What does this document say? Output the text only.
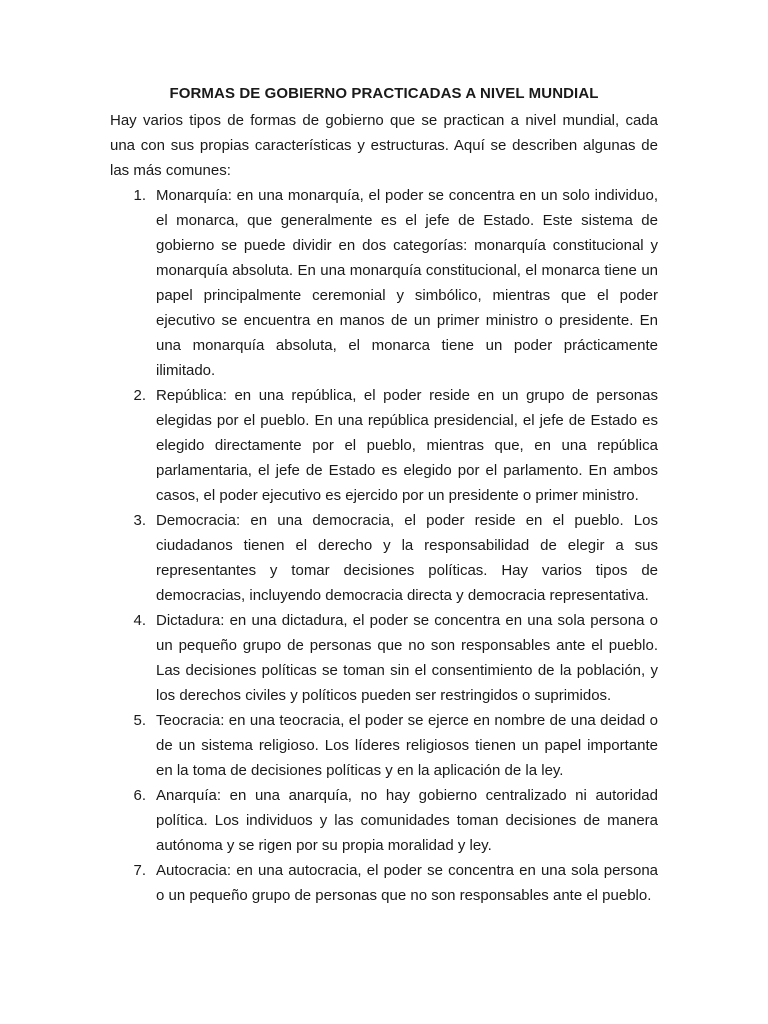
FORMAS DE GOBIERNO PRACTICADAS A NIVEL MUNDIAL

Hay varios tipos de formas de gobierno que se practican a nivel mundial, cada una con sus propias características y estructuras. Aquí se describen algunas de las más comunes:

1. Monarquía: en una monarquía, el poder se concentra en un solo individuo, el monarca, que generalmente es el jefe de Estado. Este sistema de gobierno se puede dividir en dos categorías: monarquía constitucional y monarquía absoluta. En una monarquía constitucional, el monarca tiene un papel principalmente ceremonial y simbólico, mientras que el poder ejecutivo se encuentra en manos de un primer ministro o presidente. En una monarquía absoluta, el monarca tiene un poder prácticamente ilimitado.
2. República: en una república, el poder reside en un grupo de personas elegidas por el pueblo. En una república presidencial, el jefe de Estado es elegido directamente por el pueblo, mientras que, en una república parlamentaria, el jefe de Estado es elegido por el parlamento. En ambos casos, el poder ejecutivo es ejercido por un presidente o primer ministro.
3. Democracia: en una democracia, el poder reside en el pueblo. Los ciudadanos tienen el derecho y la responsabilidad de elegir a sus representantes y tomar decisiones políticas. Hay varios tipos de democracias, incluyendo democracia directa y democracia representativa.
4. Dictadura: en una dictadura, el poder se concentra en una sola persona o un pequeño grupo de personas que no son responsables ante el pueblo. Las decisiones políticas se toman sin el consentimiento de la población, y los derechos civiles y políticos pueden ser restringidos o suprimidos.
5. Teocracia: en una teocracia, el poder se ejerce en nombre de una deidad o de un sistema religioso. Los líderes religiosos tienen un papel importante en la toma de decisiones políticas y en la aplicación de la ley.
6. Anarquía: en una anarquía, no hay gobierno centralizado ni autoridad política. Los individuos y las comunidades toman decisiones de manera autónoma y se rigen por su propia moralidad y ley.
7. Autocracia: en una autocracia, el poder se concentra en una sola persona o un pequeño grupo de personas que no son responsables ante el pueblo.
